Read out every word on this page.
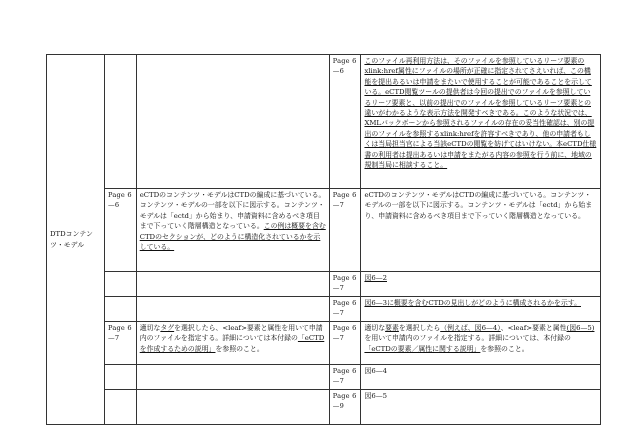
DTDコンテンツ・モデル			Page 6—6	このファイル再利用方法は、そのファイルを参照しているリーフ要素のxlink:href属性にファイルの場所が正確に指定されてさえいれば、この機能を提出あるいは申請をまたいで使用することが可能であることを示している。eCTD閲覧ツールの提供者は今回の提出でのファイルを参照しているリーフ要素と、以前の提出でのファイルを参照しているリーフ要素との違いがわかるような表示方法を開発すべきである。このような状況では、XMLバックボーンから参照されるファイルの存在の妥当性確認は、別の提出のファイルを参照するxlink:hrefを許容すべきであり、他の申請者もしくは当局担当官による当該eCTDの閲覧を妨げてはいけない。本eCTD仕様書の利用者は提出あるいは申請をまたがる内容の参照を行う前に、地域の規制当局に相談すること。
	Page 6—6	eCTDのコンテンツ・モデルはCTDの編成に基づいている。コンテンツ・モデルの一部を以下に図示する。コンテンツ・モデルは「ectd」から始まり、申請資料に含めるべき項目まで下っていく階層構造となっている。この例は概要を含むCTDのセクションが、どのように構造化されているかを示している。	Page 6—7	eCTDのコンテンツ・モデルはCTDの編成に基づいている。コンテンツ・モデルの一部を以下に図示する。コンテンツ・モデルは「ectd」から始まり、申請資料に含めるべき項目まで下っていく階層構造となっている。
			Page 6—7	図6—2
			Page 6—7	図6—3に概要を含むCTDの見出しがどのように構成されるかを示す。
	Page 6—7	適切なタグを選択したら、<leaf>要素と属性を用いて申請内のファイルを指定する。詳細については本付録の「eCTDを作成するための説明」を参照のこと。	Page 6—7	適切な要素を選択したら（例えば、図6—4）、<leaf>要素と属性(図6—5)を用いて申請内のファイルを指定する。詳細については、本付録の「eCTDの要素／属性に関する説明」を参照のこと。
			Page 6—7	図6—4
			Page 6—9	図6—5
